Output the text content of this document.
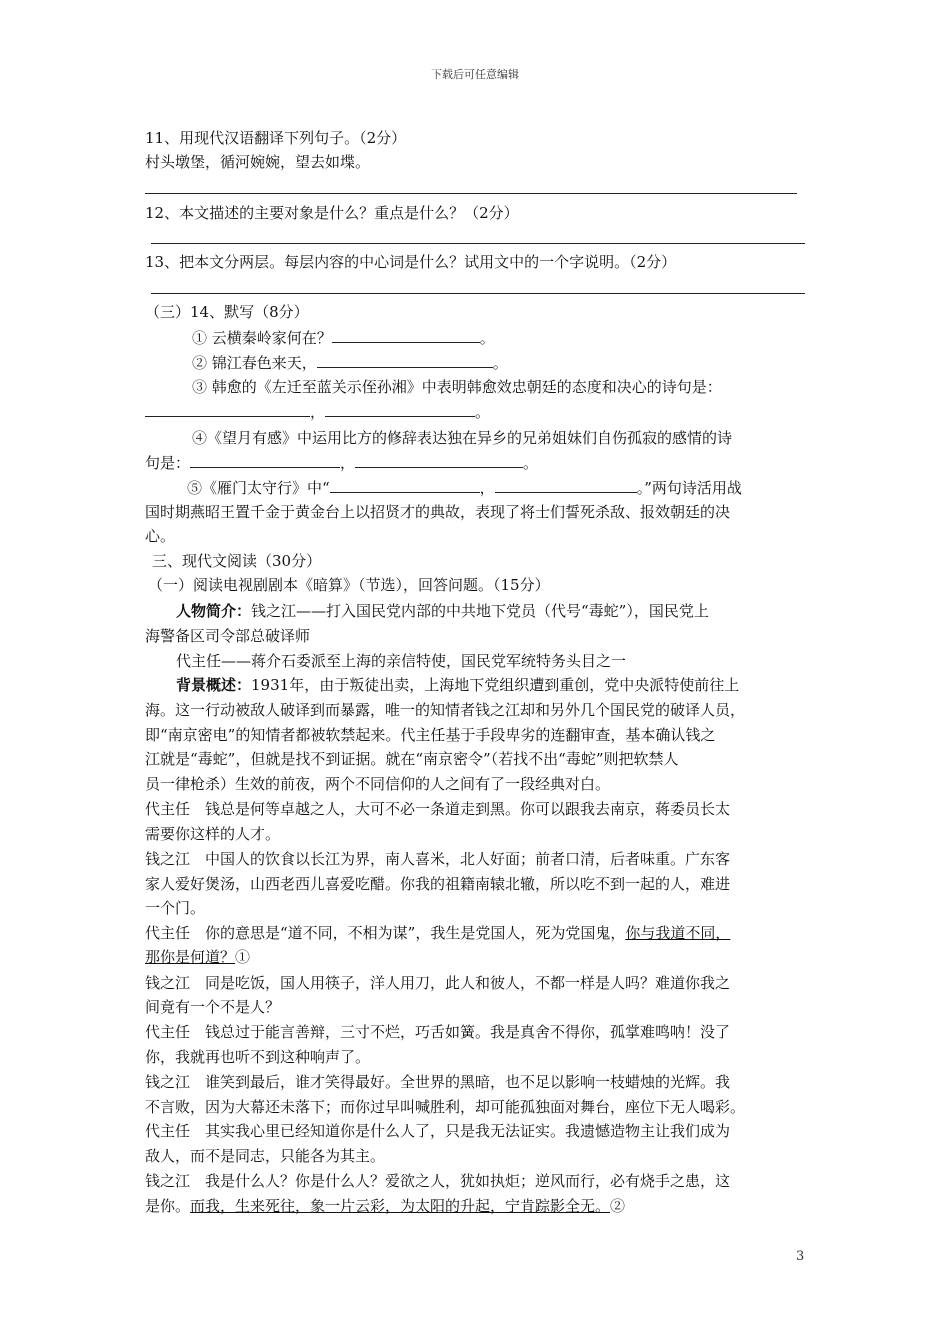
下载后可任意编辑
11、用现代汉语翻译下列句子。（2分）
村头墩堡，循河婉婉，望去如堞。
12、本文描述的主要对象是什么？重点是什么？（2分）
13、把本文分两层。每层内容的中心词是什么？试用文中的一个字说明。（2分）
（三）14、默写（8分）
① 云横秦岭家何在？	。
② 锦江春色来天，	。
③ 韩愈的《左迁至蓝关示侄孙湘》中表明韩愈效忠朝廷的态度和决心的诗句是：
，	。
④《望月有感》中运用比方的修辞表达独在异乡的兄弟姐妹们自伤孤寂的感情的诗
句是：	，	。
⑤《雁门太守行》中“	，	。”两句诗活用战
国时期燕昭王置千金于黄金台上以招贤才的典故，表现了将士们誓死杀敌、报效朝廷的决
心。
三、现代文阅读（30分）
（一）阅读电视剧剧本《暗算》（节选），回答问题。（15分）
人物简介：钱之江——打入国民党内部的中共地下党员（代号“毒蛇”），国民党上
海警备区司令部总破译师
代主任——蒋介石委派至上海的亲信特使，国民党军统特务头目之一
背景概述：1931年，由于叛徒出卖，上海地下党组织遭到重创，党中央派特使前往上
海。这一行动被敌人破译到而暴露，唯一的知情者钱之江却和另外几个国民党的破译人员，
即“南京密电”的知情者都被软禁起来。代主任基于手段卑劣的连翻审查，基本确认钱之
江就是“毒蛇”，但就是找不到证据。就在“南京密令”（若找不出“毒蛇”则把软禁人
员一律枪杀）生效的前夜，两个不同信仰的人之间有了一段经典对白。
代主任　钱总是何等卓越之人，大可不必一条道走到黑。你可以跟我去南京，蒋委员长太
需要你这样的人才。
钱之江　中国人的饮食以长江为界，南人喜米，北人好面；前者口清，后者味重。广东客
家人爱好煲汤，山西老西儿喜爱吃醋。你我的祖籍南辕北辙，所以吃不到一起的人，难进
一个门。
代主任　你的意思是“道不同，不相为谋”，我生是党国人，死为党国鬼，你与我道不同，
那你是何道？①
钱之江　同是吃饭，国人用筷子，洋人用刀，此人和彼人，不都一样是人吗？难道你我之
间竟有一个不是人？
代主任　钱总过于能言善辩，三寸不烂，巧舌如簧。我是真舍不得你，孤掌难鸣呐！没了
你，我就再也听不到这种响声了。
钱之江　谁笑到最后，谁才笑得最好。全世界的黑暗，也不足以影响一枝蜡烛的光辉。我
不言败，因为大幕还未落下；而你过早叫喊胜利，却可能孤独面对舞台，座位下无人喝彩。
代主任　其实我心里已经知道你是什么人了，只是我无法证实。我遗憾造物主让我们成为
敌人，而不是同志，只能各为其主。
钱之江　我是什么人？你是什么人？爱欲之人，犹如执炬；逆风而行，必有烧手之患，这
是你。而我，生来死往，象一片云彩，为太阳的升起，宁肯踪影全无。②
3
